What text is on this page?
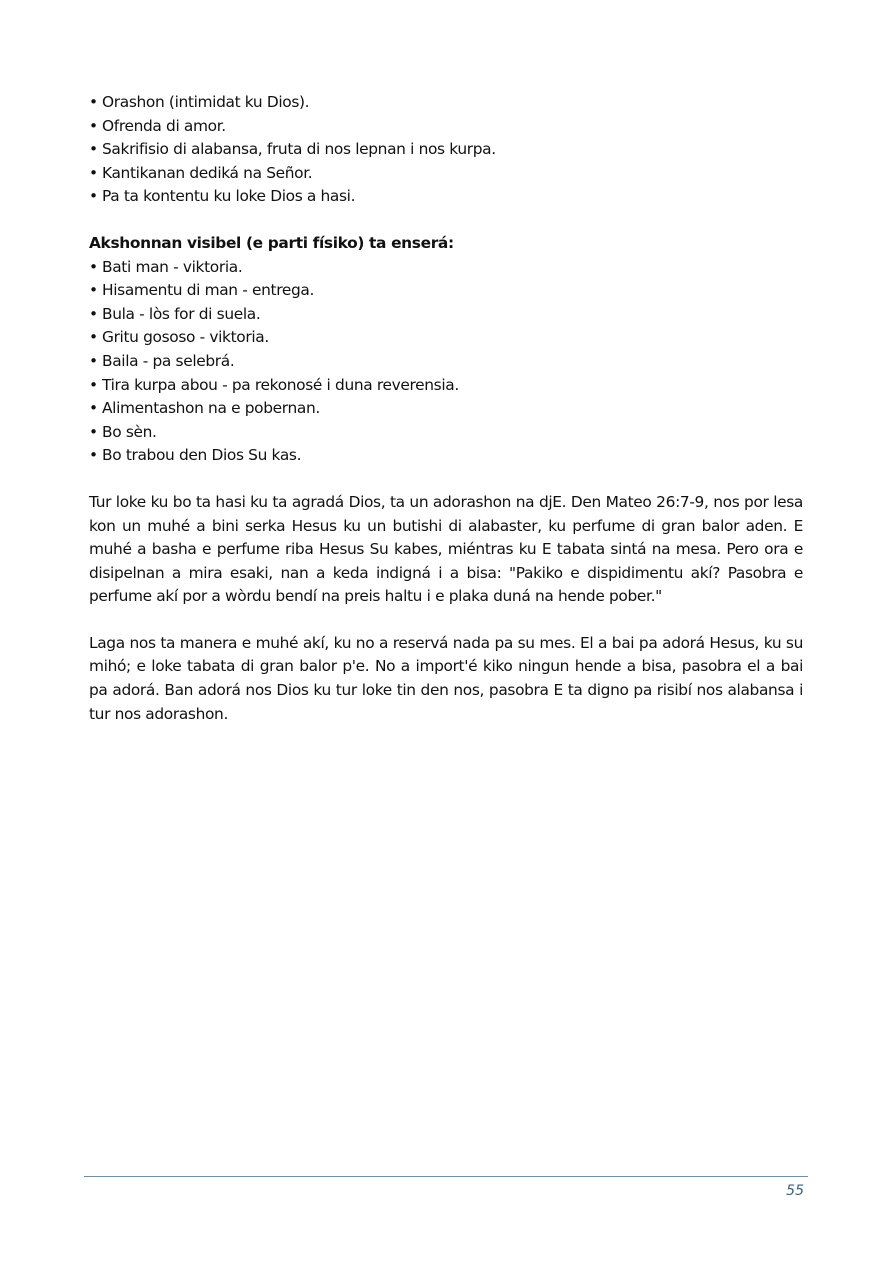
• Orashon (intimidat ku Dios).
• Ofrenda di amor.
• Sakrifisio di alabansa, fruta di nos lepnan i nos kurpa.
• Kantikanan dediká na Señor.
• Pa ta kontentu ku loke Dios a hasi.

Akshonnan visibel (e parti físiko) ta enserá:

• Bati man - viktoria.
• Hisamentu di man - entrega.
• Bula - lòs for di suela.
• Gritu gososo - viktoria.
• Baila - pa selebrá.
• Tira kurpa abou - pa rekonosé i duna reverensia.
• Alimentashon na e pobernan.
• Bo sèn.
• Bo trabou den Dios Su kas.

Tur loke ku bo ta hasi ku ta agradá Dios, ta un adorashon na djE. Den Mateo 26:7-9, nos por lesa kon un muhé a bini serka Hesus ku un butishi di alabaster, ku perfume di gran balor aden. E muhé a basha e perfume riba Hesus Su kabes, miéntras ku E tabata sintá na mesa. Pero ora e disipelnan a mira esaki, nan a keda indigná i a bisa: "Pakiko e dispidimentu akí? Pasobra e perfume akí por a wòrdu bendí na preis haltu i e plaka duná na hende pober."

Laga nos ta manera e muhé akí, ku no a reservá nada pa su mes. El a bai pa adorá Hesus, ku su mihó; e loke tabata di gran balor p'e. No a import'é kiko ningun hende a bisa, pasobra el a bai pa adorá. Ban adorá nos Dios ku tur loke tin den nos, pasobra E ta digno pa risibí nos alabansa i tur nos adorashon.

55
